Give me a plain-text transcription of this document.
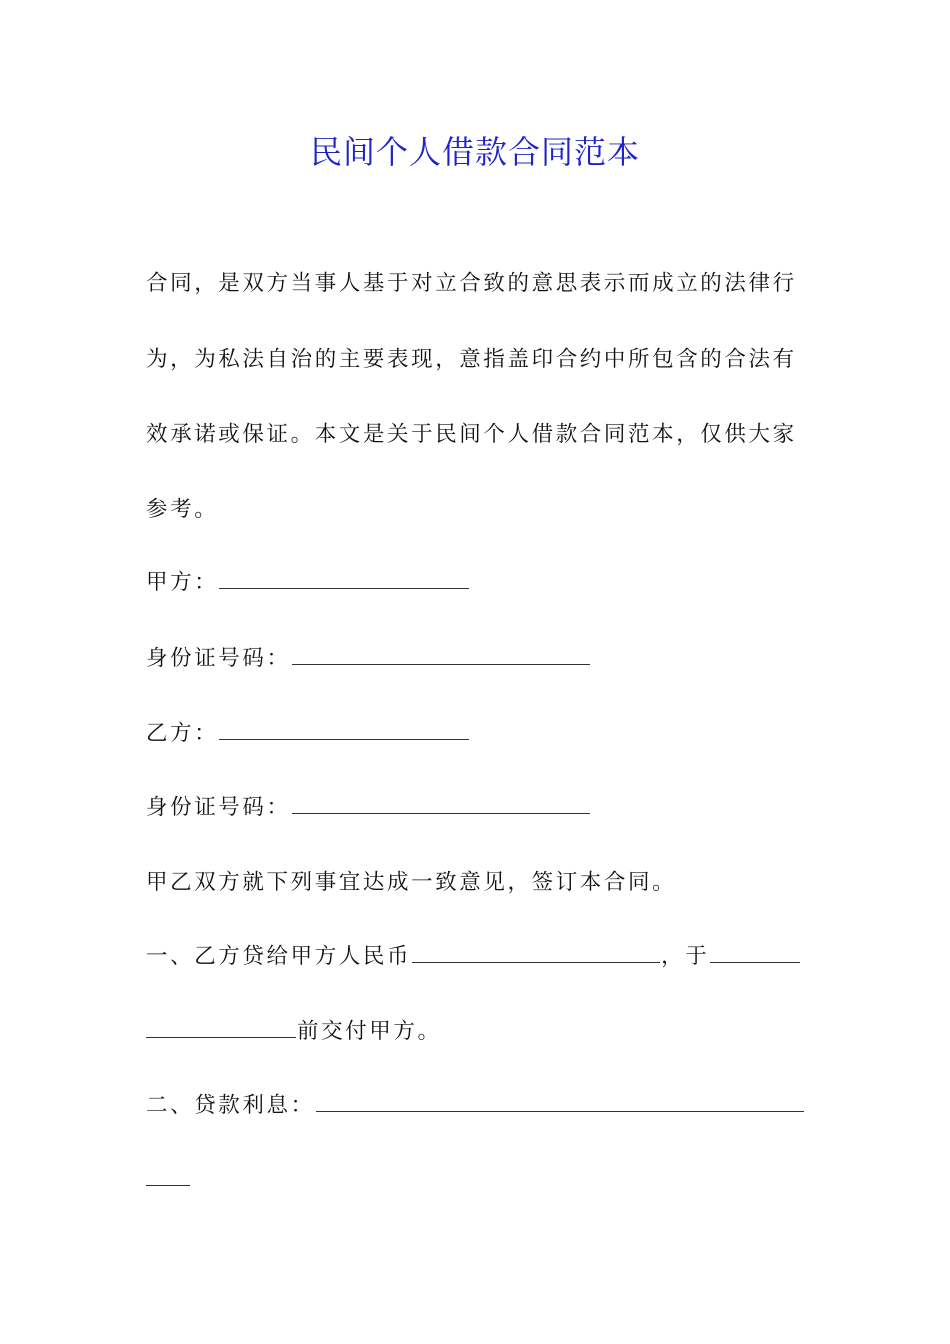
民间个人借款合同范本
合同，是双方当事人基于对立合致的意思表示而成立的法律行
为，为私法自治的主要表现，意指盖印合约中所包含的合法有
效承诺或保证。本文是关于民间个人借款合同范本，仅供大家
参考。
甲方：
身份证号码：
乙方：
身份证号码：
甲乙双方就下列事宜达成一致意见，签订本合同。
一、乙方贷给甲方人民币	，于
前交付甲方。
二、贷款利息：
